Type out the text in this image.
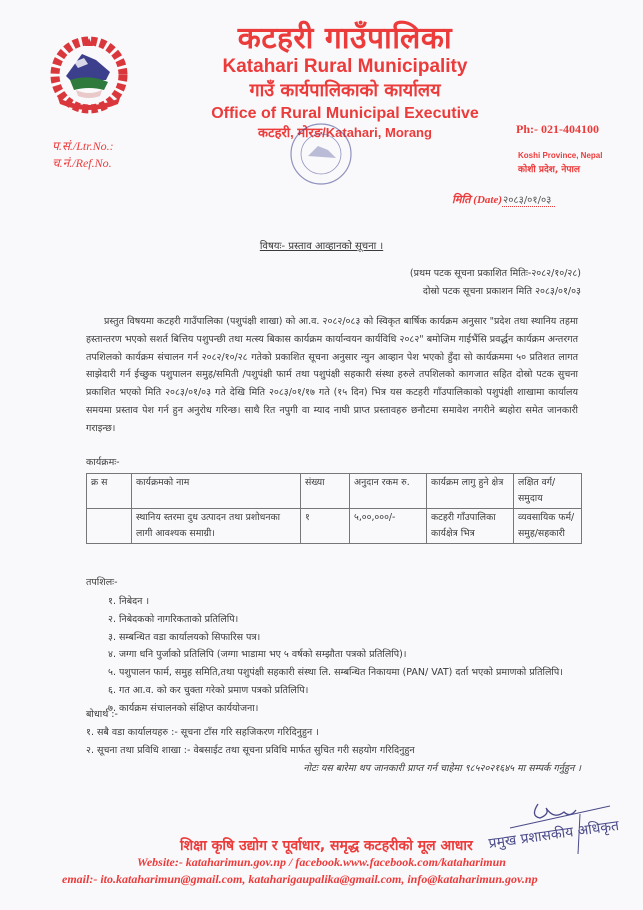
कटहरी गाउँपालिका
Katahari Rural Municipality
गाउँ कार्यपालिकाको कार्यालय
Office of Rural Municipal Executive
कटहरी, मोरङ/Katahari, Morang
प.सं./Ltr.No.:
च.नं./Ref.No.
Ph:- 021-404100
Koshi Province, Nepal
कोशी प्रदेश, नेपाल
मिति (Date)२०८३/०१/०३
विषयः- प्रस्ताव आव्हानको सूचना ।
(प्रथम पटक सूचना प्रकाशित मितिः-२०८२/१०/२८)
दोस्रो पटक सूचना प्रकाशन मिति २०८३/०१/०३
प्रस्तुत विषयमा कटहरी गाउँपालिका (पशुपंक्षी शाखा) को आ.व. २०८२/०८३ को स्विकृत बार्षिक कार्यक्रम अनुसार "प्रदेश तथा स्थानिय तहमा हस्तान्तरण भएको सशर्त बित्तिय पशुपन्छी तथा मत्स्य बिकास कार्यक्रम कार्यान्वयन कार्यविधि २०८२" बमोजिम गाईभैंसि प्रवर्द्धन कार्यक्रम अन्तरगत तपशिलको कार्यक्रम संचालन गर्न २०८२/१०/२८ गतेको प्रकाशित सूचना अनुसार न्युन आव्हान पेश भएको हुँदा सो कार्यक्रममा ५० प्रतिशत लागत साझेदारी गर्न ईच्छुक पशुपालन समुह/समिती /पशुपंक्षी फार्म तथा पशुपंक्षी सहकारी संस्था हरुले तपशिलको कागजात सहित दोस्रो पटक सुचना प्रकाशित भएको मिति २०८३/०१/०३ गते देखि मिति २०८३/०१/१७ गते (१५ दिन) भित्र यस कटहरी गाँउपालिकाको पशुपंक्षी शाखामा कार्यालय समयमा प्रस्ताव पेश गर्न हुन अनुरोध गरिन्छ। साथै रित नपुगी वा म्याद नाघी प्राप्त प्रस्तावहरु छनौटमा समावेश नगरीने ब्यहोरा समेत जानकारी गराइन्छ।
कार्यक्रमः-
क्र स	कार्यक्रमको नाम	संख्या	अनुदान रकम रु.	कार्यक्रम लागु हुने क्षेत्र	लक्षित वर्ग/समुदाय
	स्थानिय स्तरमा दुध उत्पादन तथा प्रशोधनका लागी आवश्यक समाग्री।	१	५,००,०००/-	कटहरी गाँउपालिका कार्यक्षेत्र भित्र	व्यवसायिक फर्म/समुह/सहकारी
तपशिलः-
१. निबेदन ।
२. निबेदकको नागरिकताको प्रतिलिपि।
३. सम्बन्धित वडा कार्यालयको सिफारिस पत्र।
४. जग्गा धनि पुर्जाको प्रतिलिपि (जग्गा भाडामा भए ५ वर्षको सम्झौता पत्रको प्रतिलिपि)।
५. पशुपालन फार्म, समुह समिति,तथा पशुपंक्षी सहकारी संस्था लि. सम्बन्धित निकायमा (PAN/ VAT) दर्ता भएको प्रमाणको प्रतिलिपि।
६. गत आ.व. को कर चुक्ता गरेको प्रमाण पत्रको प्रतिलिपि।
७. कार्यक्रम संचालनको संक्षिप्त कार्ययोजना।
बोधार्थ :-
१. सबै वडा कार्यालयहरु :- सूचना टाँस गरि सहजिकरण गरिदिनुहुन ।
२. सूचना तथा प्रविधि शाखा :- वेबसाईट तथा सूचना प्रविधि मार्फत सुचित गरी सहयोग गरिदिनुहुन
नोटः यस बारेमा थप जानकारी प्राप्त गर्न चाहेमा ९८५२०२१६४५ मा सम्पर्क गर्नुहुन ।
प्रमुख प्रशासकीय अधिकृत
शिक्षा कृषि उद्योग र पूर्वाधार, समृद्ध कटहरीको मूल आधार
Website:- kataharimun.gov.np / facebook.www.facebook.com/kataharimun
email:- ito.kataharimun@gmail.com, kataharigaupalika@gmail.com, info@kataharimun.gov.np
